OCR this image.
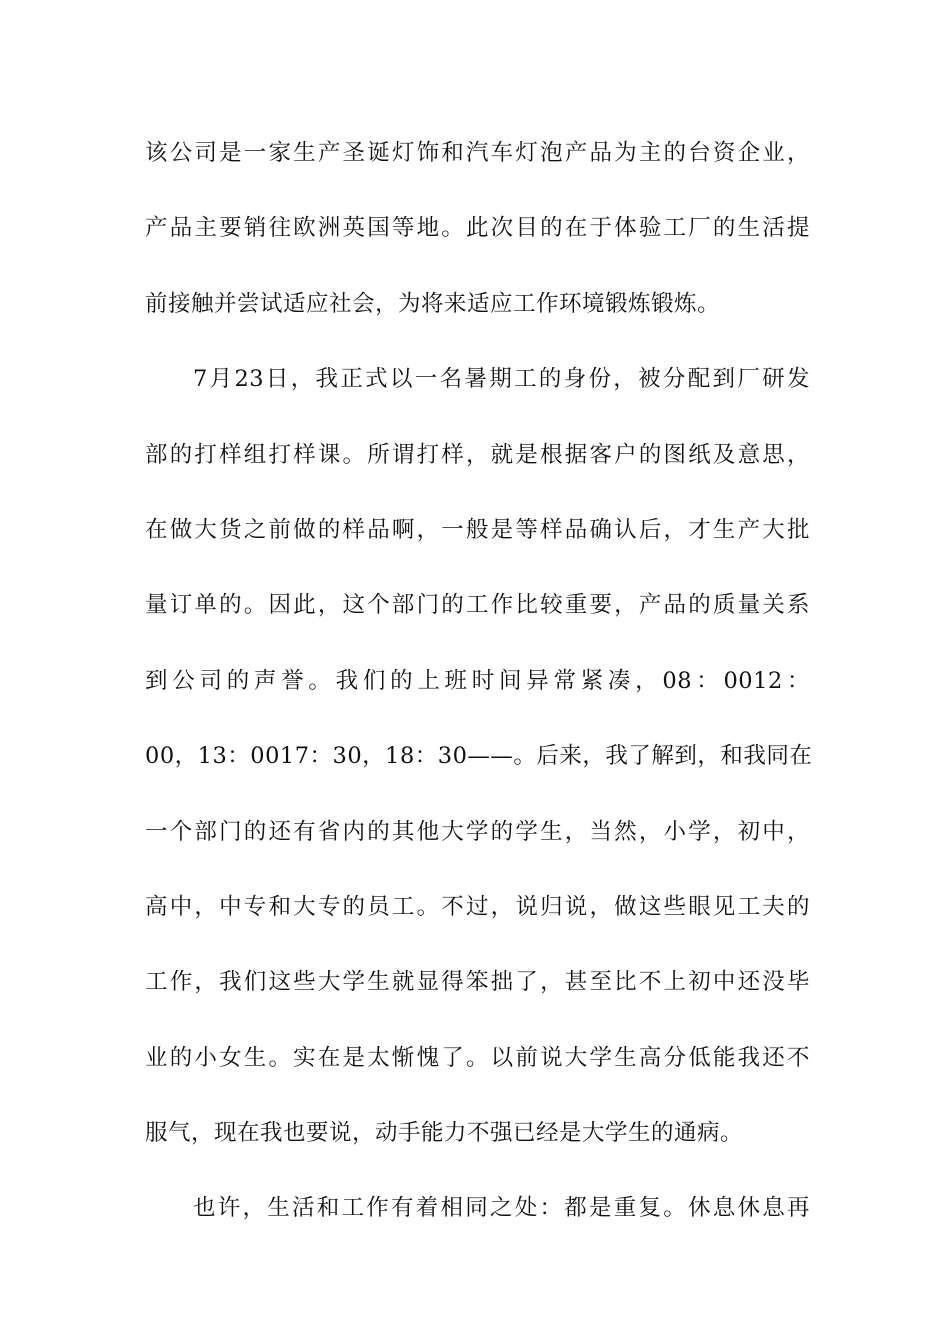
该公司是一家生产圣诞灯饰和汽车灯泡产品为主的台资企业，
产品主要销往欧洲英国等地。此次目的在于体验工厂的生活提
前接触并尝试适应社会，为将来适应工作环境锻炼锻炼。
7月23日，我正式以一名暑期工的身份，被分配到厂研发
部的打样组打样课。所谓打样，就是根据客户的图纸及意思，
在做大货之前做的样品啊，一般是等样品确认后，才生产大批
量订单的。因此，这个部门的工作比较重要，产品的质量关系
到公司的声誉。我们的上班时间异常紧凑，08：0012：
00，13：0017：30，18：30——。后来，我了解到，和我同在
一个部门的还有省内的其他大学的学生，当然，小学，初中，
高中，中专和大专的员工。不过，说归说，做这些眼见工夫的
工作，我们这些大学生就显得笨拙了，甚至比不上初中还没毕
业的小女生。实在是太惭愧了。以前说大学生高分低能我还不
服气，现在我也要说，动手能力不强已经是大学生的通病。
也许，生活和工作有着相同之处：都是重复。休息休息再
